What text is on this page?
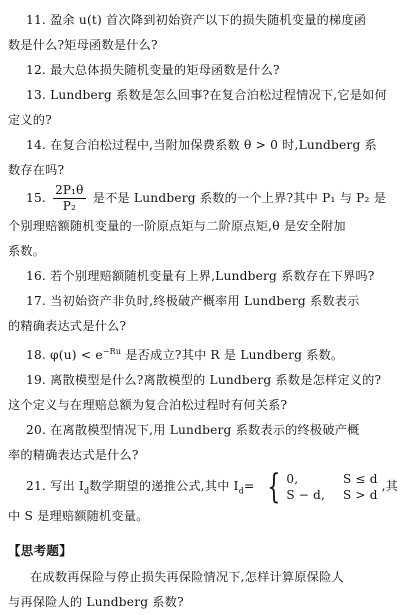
11. 盈余 u(t) 首次降到初始资产以下的损失随机变量的梯度函
数是什么?矩母函数是什么?
12. 最大总体损失随机变量的矩母函数是什么?
13. Lundberg 系数是怎么回事?在复合泊松过程情况下,它是如何
定义的?
14. 在复合泊松过程中,当附加保费系数 θ > 0 时,Lundberg 系
数存在吗?
15. $\frac{\text{2P₁θ}}{\text{P₂}}$ 是不是 Lundberg 系数的一个上界?其中 P₁ 与 P₂ 是
个别理赔额随机变量的一阶原点矩与二阶原点矩,θ 是安全附加
系数。
16. 若个别理赔额随机变量有上界,Lundberg 系数存在下界吗?
17. 当初始资产非负时,终极破产概率用 Lundberg 系数表示
的精确表达式是什么?
18. $\varphi(u) < e^{-Ru}$ 是否成立?其中 R 是 Lundberg 系数。
19. 离散模型是什么?离散模型的 Lundberg 系数是怎样定义的?
这个定义与在理赔总额为复合泊松过程时有何关系?
20. 在离散模型情况下,用 Lundberg 系数表示的终极破产概
率的精确表达式是什么?
21. 写出 $I_d$数学期望的递推公式,其中 $I_d=$ { 0,	S ≤ d
S − d, S > d
,其
中 S 是理赔额随机变量。
【思考题】
在成数再保险与停止损失再保险情况下,怎样计算原保险人
与再保险人的 Lundberg 系数?
